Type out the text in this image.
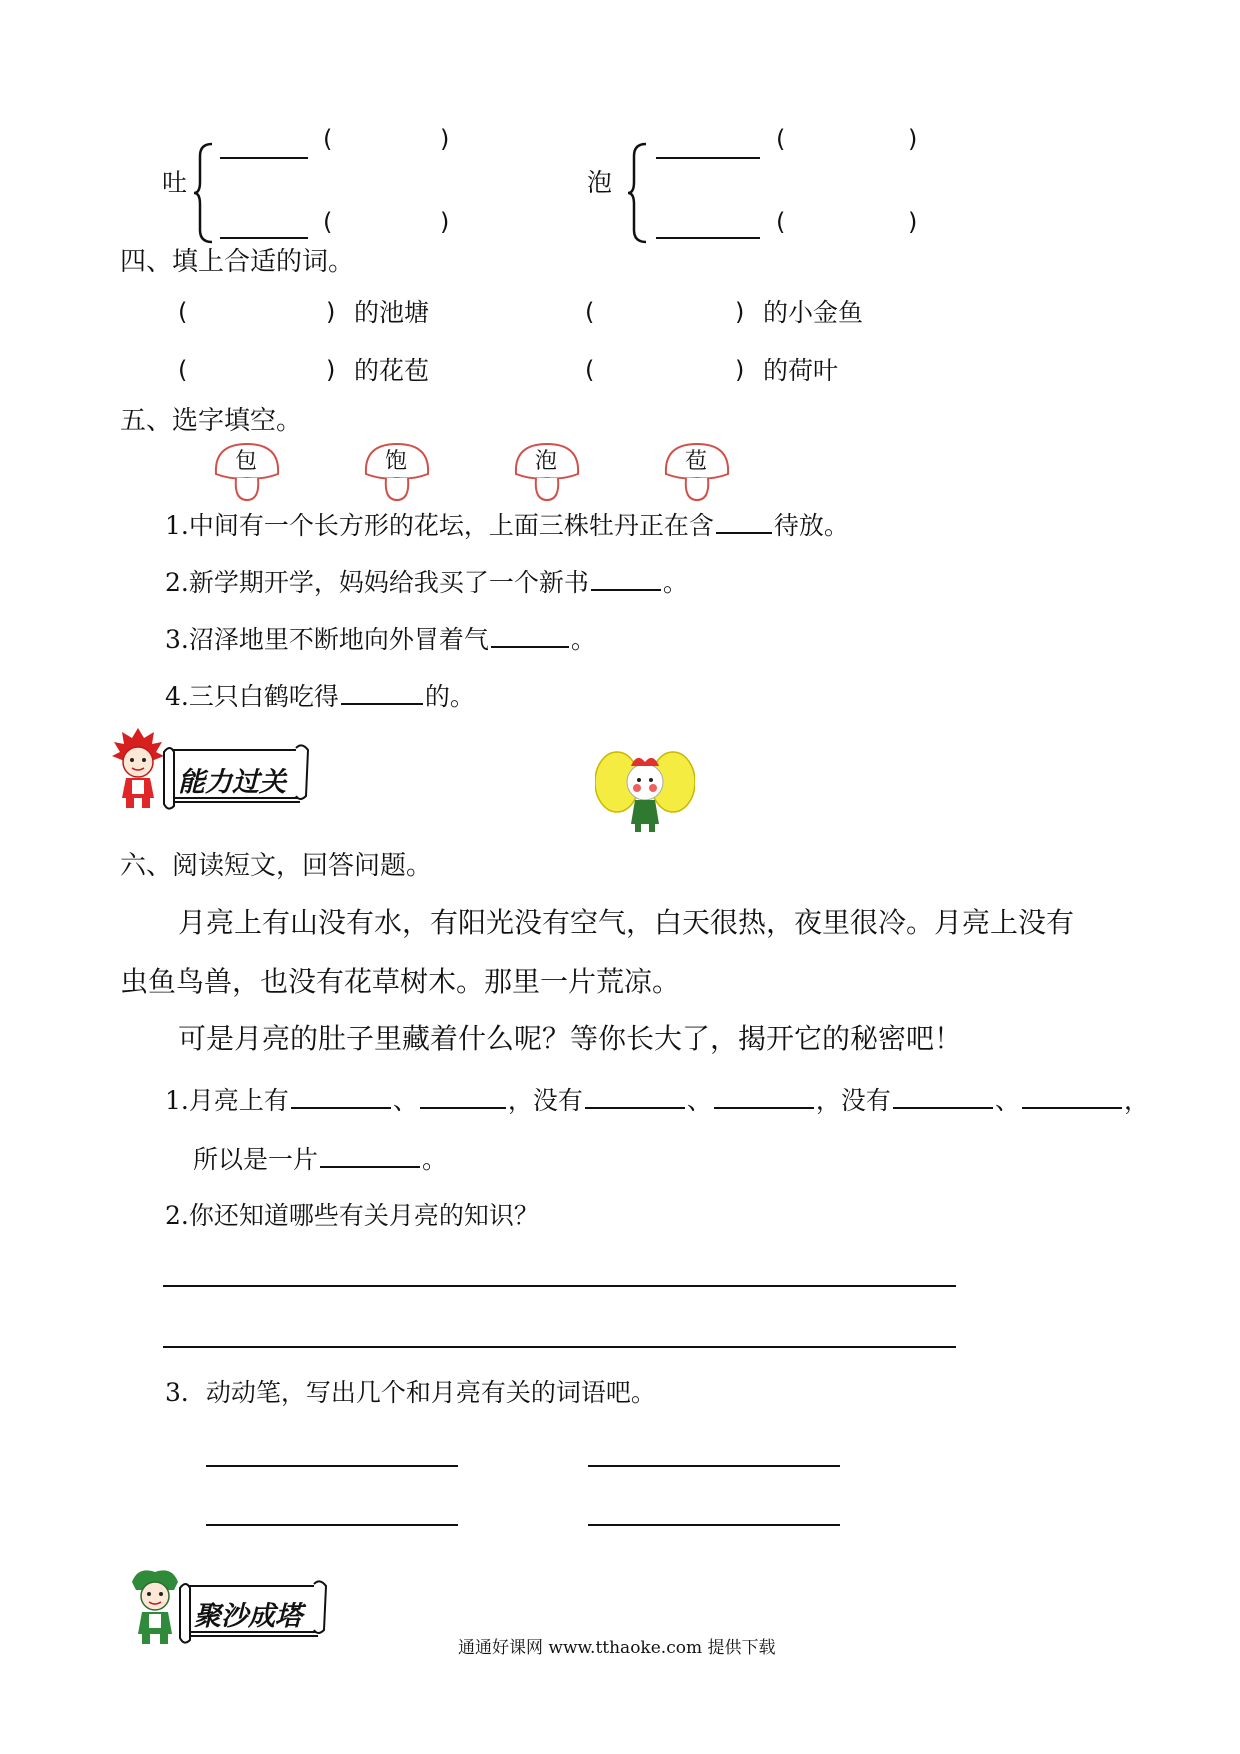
吐
(	)
(	)
泡
(	)
(	)
四、填上合适的词。
(	) 的池塘	(	) 的小金鱼
(	) 的花苞	(	) 的荷叶
五、选字填空。
包	饱	泡	苞
1.中间有一个长方形的花坛，上面三株牡丹正在含 待放。
2.新学期开学，妈妈给我买了一个新书	。
3.沼泽地里不断地向外冒着气	。
4.三只白鹤吃得	的。
能力过关
六、阅读短文，回答问题。
月亮上有山没有水，有阳光没有空气，白天很热，夜里很冷。月亮上没有
虫鱼鸟兽，也没有花草树木。那里一片荒凉。
可是月亮的肚子里藏着什么呢？等你长大了，揭开它的秘密吧！
1.月亮上有	、	，没有	、	，没有	、	，
所以是一片	。
2.你还知道哪些有关月亮的知识？
3．动动笔，写出几个和月亮有关的词语吧。
聚沙成塔
通通好课网 www.tthaoke.com 提供下载
